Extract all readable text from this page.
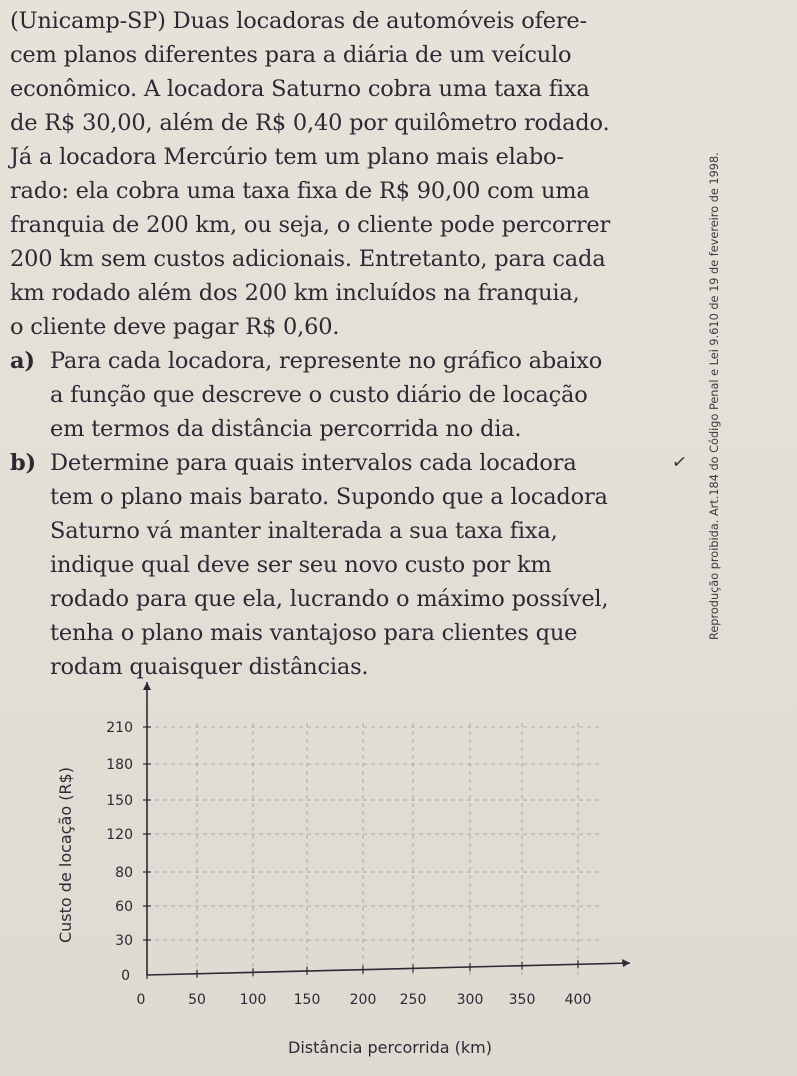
(Unicamp-SP) Duas locadoras de automóveis ofere-
cem planos diferentes para a diária de um veículo
econômico. A locadora Saturno cobra uma taxa fixa
de R$ 30,00, além de R$ 0,40 por quilômetro rodado.
Já a locadora Mercúrio tem um plano mais elabo-
rado: ela cobra uma taxa fixa de R$ 90,00 com uma
franquia de 200 km, ou seja, o cliente pode percorrer
200 km sem custos adicionais. Entretanto, para cada
km rodado além dos 200 km incluídos na franquia,
o cliente deve pagar R$ 0,60.

a) Para cada locadora, represente no gráfico abaixo
a função que descreve o custo diário de locação
em termos da distância percorrida no dia.
b) Determine para quais intervalos cada locadora
tem o plano mais barato. Supondo que a locadora
Saturno vá manter inalterada a sua taxa fixa,
indique qual deve ser seu novo custo por km
rodado para que ela, lucrando o máximo possível,
tenha o plano mais vantajoso para clientes que
rodam quaisquer distâncias.
✓ Reprodução proibida. Art.184 do Código Penal e Lei 9.610 de 19 de fevereiro de 1998.
Custo de locação (R$)
Distância percorrida (km)
0	50 100 150 200 250 300 350 400
0
30
60
80
120
150
180
210
